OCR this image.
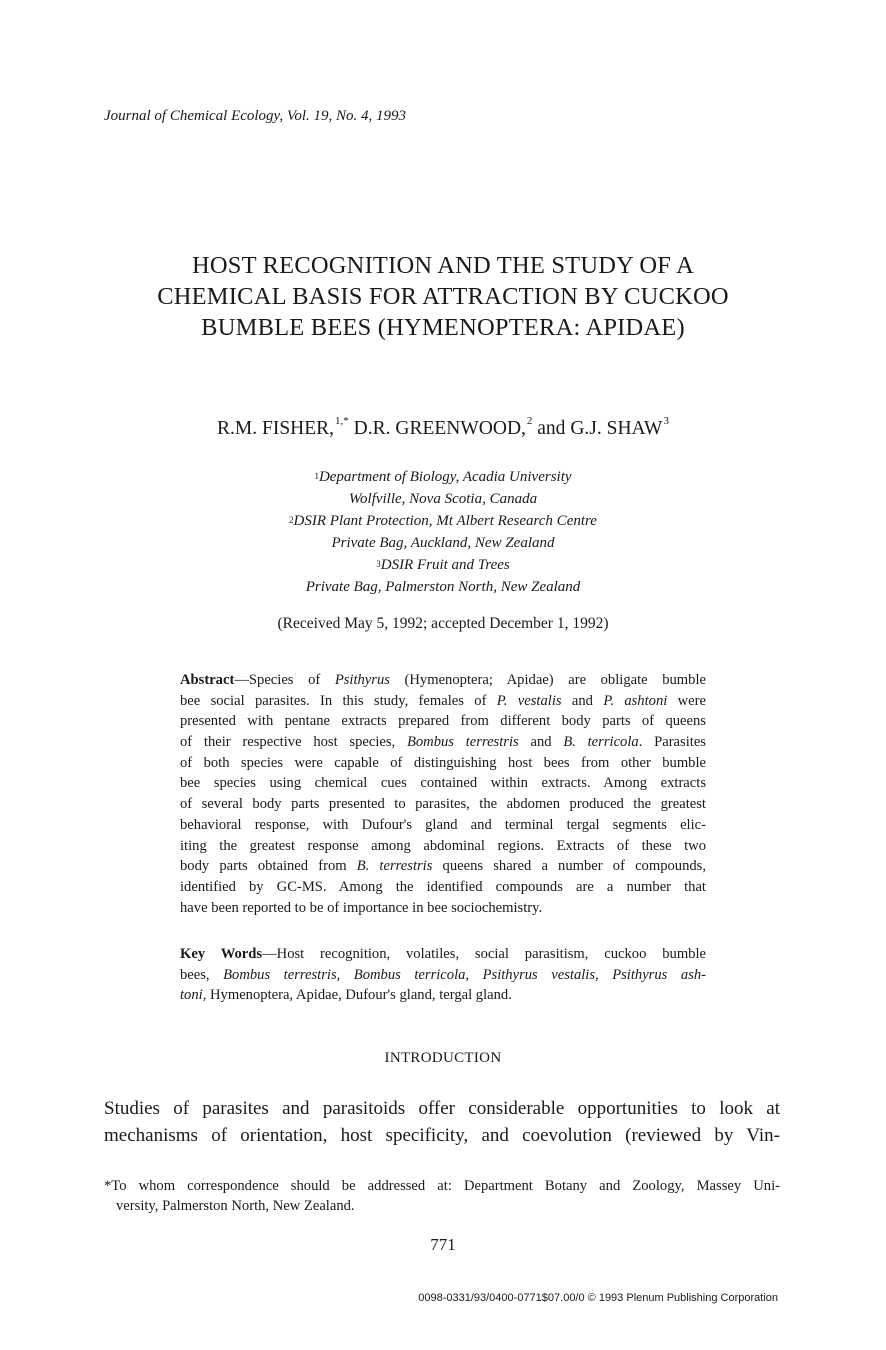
Journal of Chemical Ecology, Vol. 19, No. 4, 1993
HOST RECOGNITION AND THE STUDY OF A
CHEMICAL BASIS FOR ATTRACTION BY CUCKOO
BUMBLE BEES (HYMENOPTERA: APIDAE)
R.M. FISHER,$^{1,*}$ D.R. GREENWOOD,$^2$ and G.J. SHAW$^3$
$^1$Department of Biology, Acadia University
Wolfville, Nova Scotia, Canada
$^2$DSIR Plant Protection, Mt Albert Research Centre
Private Bag, Auckland, New Zealand
$^3$DSIR Fruit and Trees
Private Bag, Palmerston North, New Zealand
(Received May 5, 1992; accepted December 1, 1992)
Abstract—Species of Psithyrus (Hymenoptera; Apidae) are obligate bumble
bee social parasites. In this study, females of P. vestalis and P. ashtoni were
presented with pentane extracts prepared from different body parts of queens
of their respective host species, Bombus terrestris and B. terricola. Parasites
of both species were capable of distinguishing host bees from other bumble
bee species using chemical cues contained within extracts. Among extracts
of several body parts presented to parasites, the abdomen produced the greatest
behavioral response, with Dufour's gland and terminal tergal segments elic-
iting the greatest response among abdominal regions. Extracts of these two
body parts obtained from B. terrestris queens shared a number of compounds,
identified by GC-MS. Among the identified compounds are a number that
have been reported to be of importance in bee sociochemistry.
Key Words—Host recognition, volatiles, social parasitism, cuckoo bumble
bees, Bombus terrestris, Bombus terricola, Psithyrus vestalis, Psithyrus ash-
toni, Hymenoptera, Apidae, Dufour's gland, tergal gland.
INTRODUCTION
Studies of parasites and parasitoids offer considerable opportunities to look at
mechanisms of orientation, host specificity, and coevolution (reviewed by Vin-
*To whom correspondence should be addressed at: Department Botany and Zoology, Massey Uni-
versity, Palmerston North, New Zealand.
771
0098-0331/93/0400-0771$07.00/0 © 1993 Plenum Publishing Corporation
